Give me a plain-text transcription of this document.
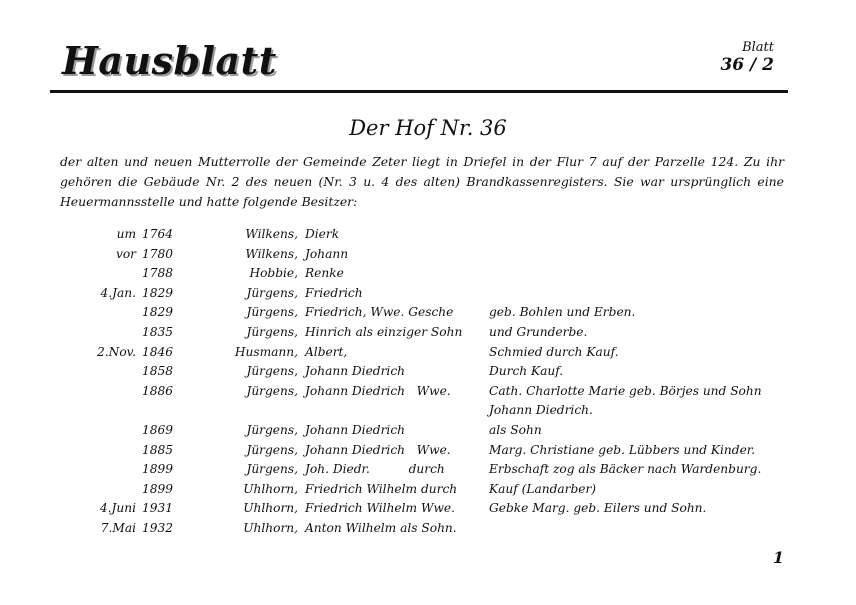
Hausblatt	Blatt
36 / 2
Der Hof Nr. 36

der alten und neuen Mutterrolle der Gemeinde Zeter liegt in Driefel in der Flur 7 auf der Parzelle 124. Zu ihr gehören die Gebäude Nr. 2 des neuen (Nr. 3 u. 4 des alten) Brandkassenregisters. Sie war ursprünglich eine Heuermannsstelle und hatte folgende Besitzer:

um	1764	Wilkens,	Dierk	
vor	1780	Wilkens,	Johann	
	1788	Hobbie,	Renke	
4.Jan.	1829	Jürgens,	Friedrich	
	1829	Jürgens,	Friedrich, Wwe. Gesche	geb. Bohlen und Erben.
	1835	Jürgens,	Hinrich als einziger Sohn	und Grunderbe.
2.Nov.	1846	Husmann,	Albert,	Schmied durch Kauf.
	1858	Jürgens,	Johann Diedrich	Durch Kauf.
	1886	Jürgens,	Johann Diedrich   Wwe.	Cath. Charlotte Marie geb. Börjes und Sohn
				Johann Diedrich.
	1869	Jürgens,	Johann Diedrich	als Sohn
	1885	Jürgens,	Johann Diedrich   Wwe.	Marg. Christiane geb. Lübbers und Kinder.
	1899	Jürgens,	Joh. Diedr.          durch	Erbschaft zog als Bäcker nach Wardenburg.
	1899	Uhlhorn,	Friedrich Wilhelm durch	Kauf (Landarber)
4.Juni	1931	Uhlhorn,	Friedrich Wilhelm Wwe.	Gebke Marg. geb. Eilers und Sohn.
7.Mai	1932	Uhlhorn,	Anton Wilhelm als Sohn.	
1
